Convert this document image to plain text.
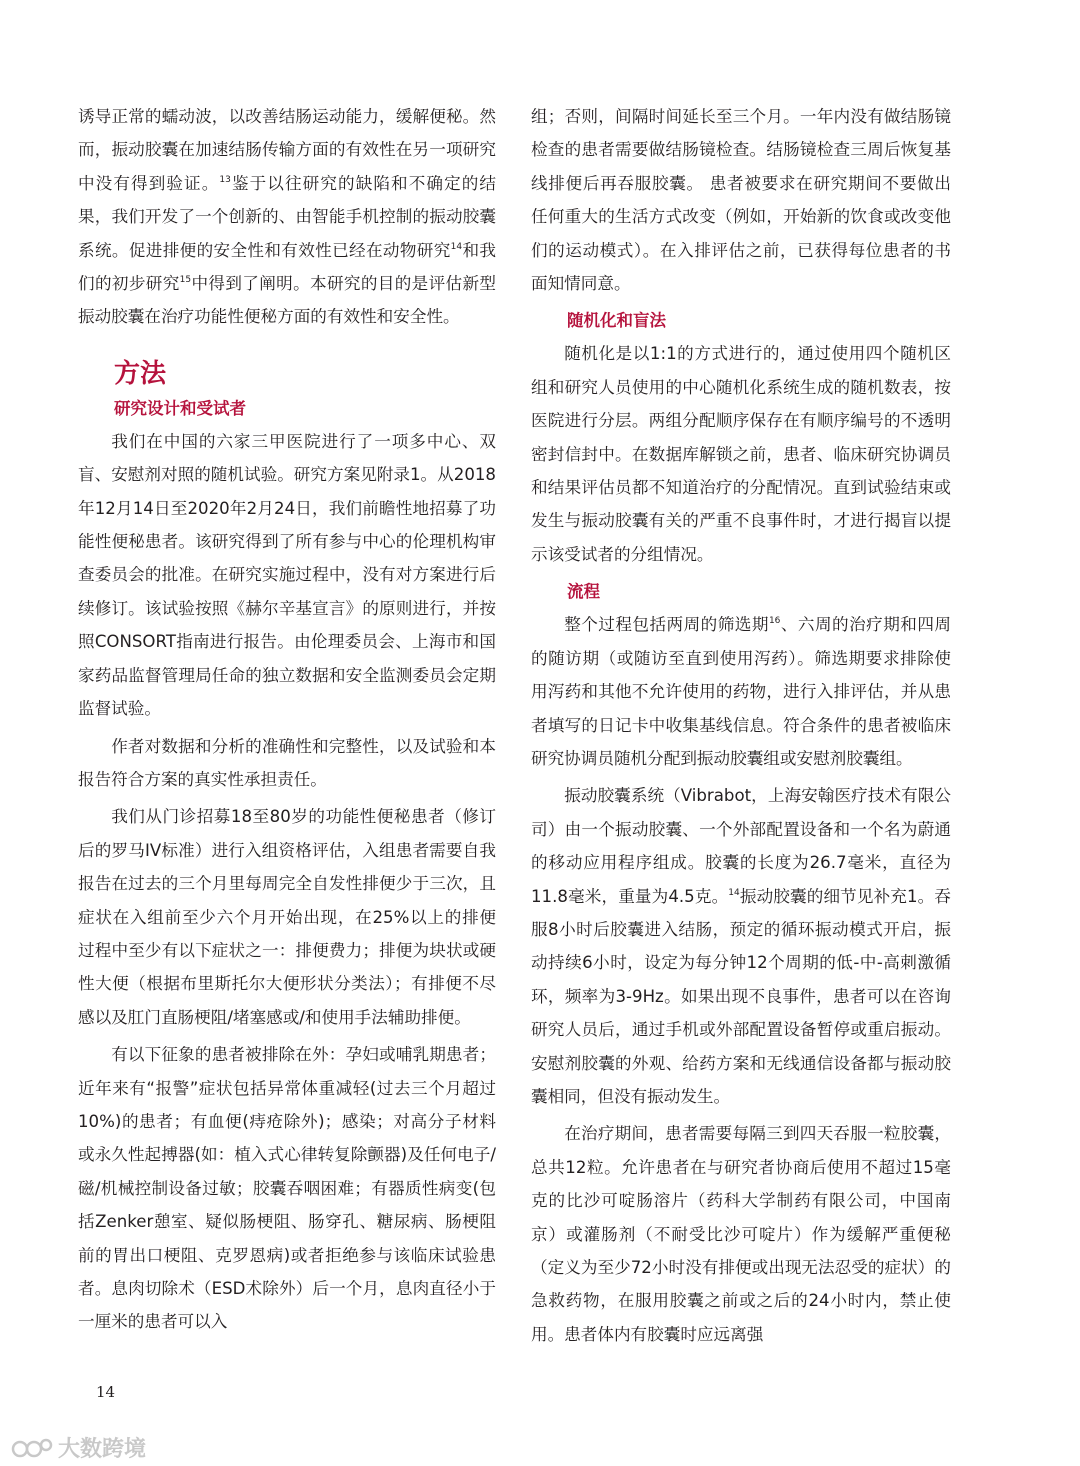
诱导正常的蠕动波，以改善结肠运动能力，缓解便秘。然而，振动胶囊在加速结肠传输方面的有效性在另一项研究中没有得到验证。$^{13}$鉴于以往研究的缺陷和不确定的结果，我们开发了一个创新的、由智能手机控制的振动胶囊系统。促进排便的安全性和有效性已经在动物研究$^{14}$和我们的初步研究$^{15}$中得到了阐明。本研究的目的是评估新型振动胶囊在治疗功能性便秘方面的有效性和安全性。

方法
研究设计和受试者

我们在中国的六家三甲医院进行了一项多中心、双盲、安慰剂对照的随机试验。研究方案见附录1。从2018年12月14日至2020年2月24日，我们前瞻性地招募了功能性便秘患者。该研究得到了所有参与中心的伦理机构审查委员会的批准。在研究实施过程中，没有对方案进行后续修订。该试验按照《赫尔辛基宣言》的原则进行，并按照CONSORT指南进行报告。由伦理委员会、上海市和国家药品监督管理局任命的独立数据和安全监测委员会定期监督试验。

作者对数据和分析的准确性和完整性，以及试验和本报告符合方案的真实性承担责任。

我们从门诊招募18至80岁的功能性便秘患者（修订后的罗马IV标准）进行入组资格评估，入组患者需要自我报告在过去的三个月里每周完全自发性排便少于三次，且症状在入组前至少六个月开始出现，在25%以上的排便过程中至少有以下症状之一：排便费力；排便为块状或硬性大便（根据布里斯托尔大便形状分类法）；有排便不尽感以及肛门直肠梗阻/堵塞感或/和使用手法辅助排便。

有以下征象的患者被排除在外：孕妇或哺乳期患者；近年来有“报警”症状包括异常体重减轻(过去三个月超过10%)的患者；有血便(痔疮除外)；感染；对高分子材料或永久性起搏器(如：植入式心律转复除颤器)及任何电子/磁/机械控制设备过敏；胶囊吞咽困难；有器质性病变(包括Zenker憩室、疑似肠梗阻、肠穿孔、糖尿病、肠梗阻前的胃出口梗阻、克罗恩病)或者拒绝参与该临床试验患者。息肉切除术（ESD术除外）后一个月，息肉直径小于一厘米的患者可以入

组；否则，间隔时间延长至三个月。一年内没有做结肠镜检查的患者需要做结肠镜检查。结肠镜检查三周后恢复基线排便后再吞服胶囊。 患者被要求在研究期间不要做出任何重大的生活方式改变（例如，开始新的饮食或改变他们的运动模式）。在入排评估之前，已获得每位患者的书面知情同意。

随机化和盲法

随机化是以1:1的方式进行的，通过使用四个随机区组和研究人员使用的中心随机化系统生成的随机数表，按医院进行分层。两组分配顺序保存在有顺序编号的不透明密封信封中。在数据库解锁之前，患者、临床研究协调员和结果评估员都不知道治疗的分配情况。直到试验结束或发生与振动胶囊有关的严重不良事件时，才进行揭盲以提示该受试者的分组情况。

流程

整个过程包括两周的筛选期$^{16}$、六周的治疗期和四周的随访期（或随访至直到使用泻药）。筛选期要求排除使用泻药和其他不允许使用的药物，进行入排评估，并从患者填写的日记卡中收集基线信息。符合条件的患者被临床研究协调员随机分配到振动胶囊组或安慰剂胶囊组。

振动胶囊系统（Vibrabot，上海安翰医疗技术有限公司）由一个振动胶囊、一个外部配置设备和一个名为蔚通的移动应用程序组成。胶囊的长度为26.7毫米，直径为11.8毫米，重量为4.5克。$^{14}$振动胶囊的细节见补充1。吞服8小时后胶囊进入结肠，预定的循环振动模式开启，振动持续6小时，设定为每分钟12个周期的低-中-高刺激循环，频率为3-9Hz。如果出现不良事件，患者可以在咨询研究人员后，通过手机或外部配置设备暂停或重启振动。安慰剂胶囊的外观、给药方案和无线通信设备都与振动胶囊相同，但没有振动发生。

在治疗期间，患者需要每隔三到四天吞服一粒胶囊，总共12粒。允许患者在与研究者协商后使用不超过15毫克的比沙可啶肠溶片（药科大学制药有限公司，中国南京）或灌肠剂（不耐受比沙可啶片）作为缓解严重便秘（定义为至少72小时没有排便或出现无法忍受的症状）的急救药物，在服用胶囊之前或之后的24小时内，禁止使用。患者体内有胶囊时应远离强

14
大数跨境
